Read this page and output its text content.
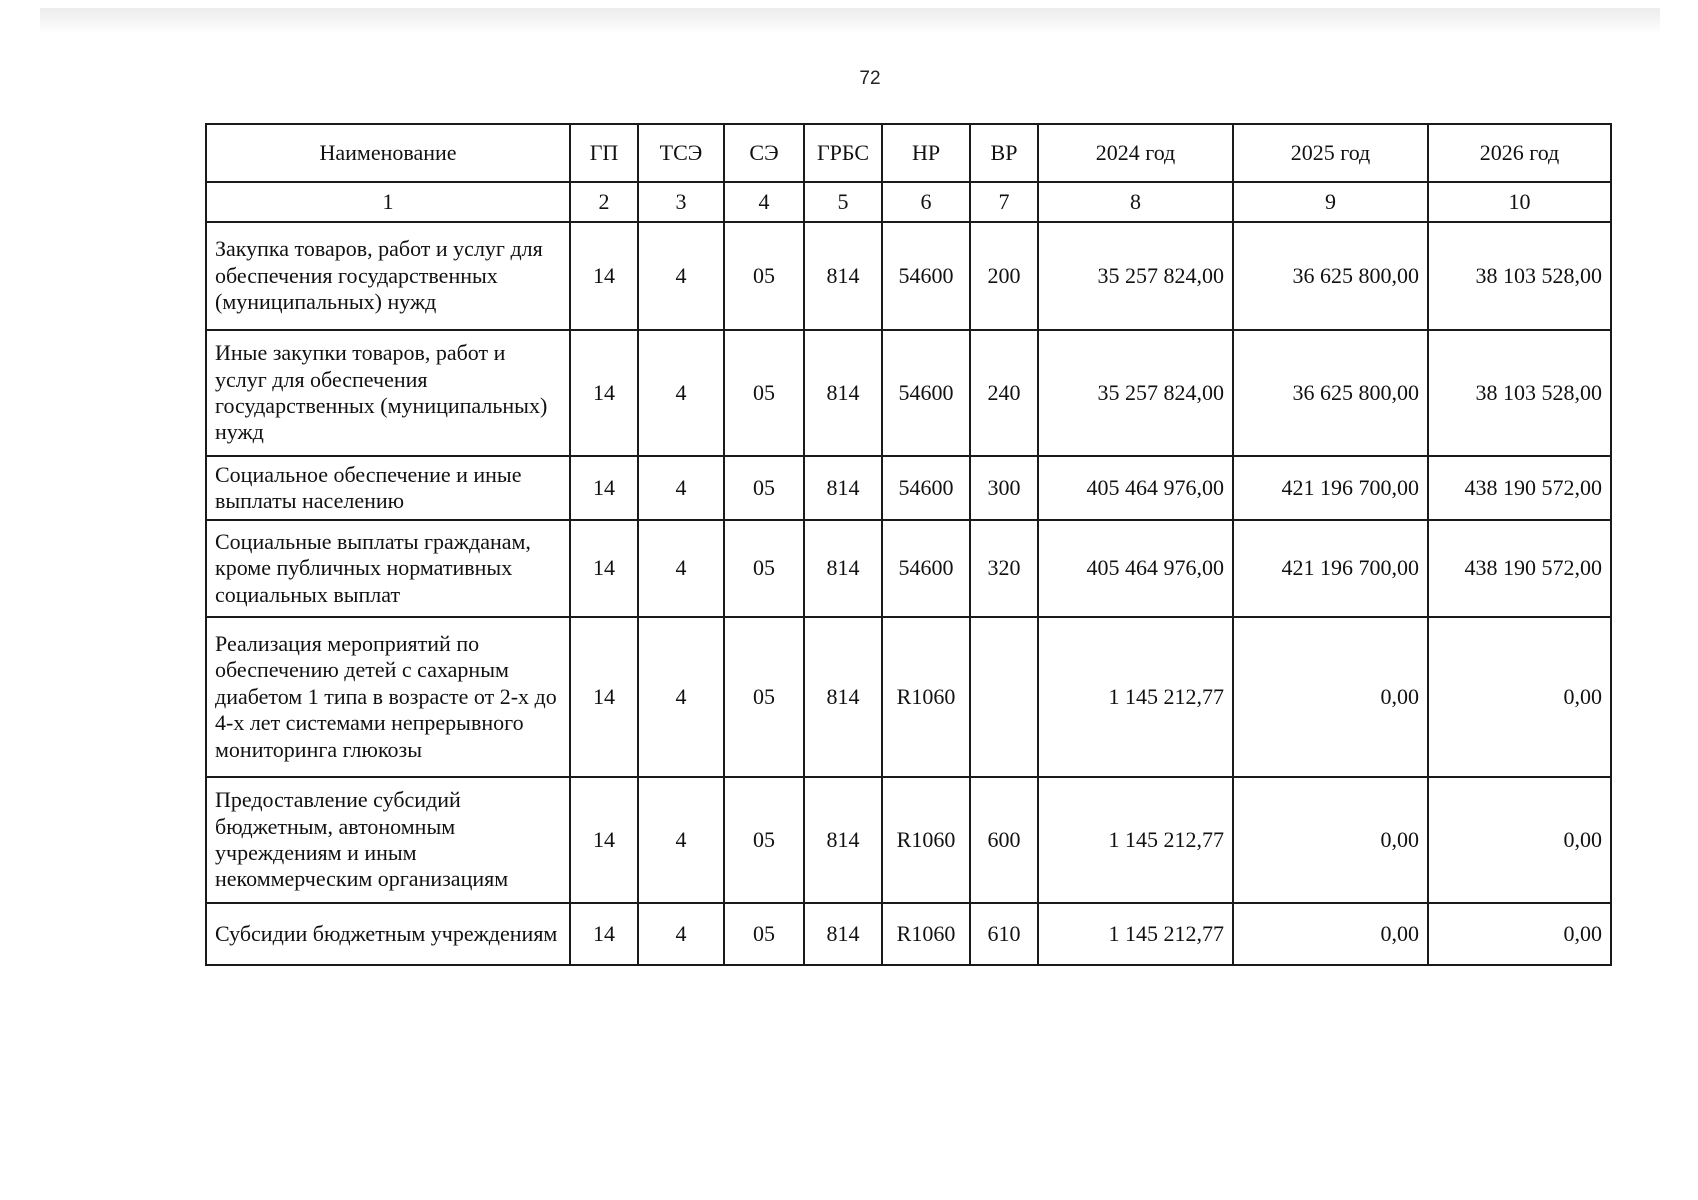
72
Наименование	ГП	ТСЭ	СЭ	ГРБС	НР	ВР	2024 год	2025 год	2026 год
1	2	3	4	5	6	7	8	9	10
Закупка товаров, работ и услуг для обеспечения государственных (муниципальных) нужд	14	4	05	814	54600	200	35 257 824,00	36 625 800,00	38 103 528,00
Иные закупки товаров, работ и услуг для обеспечения государственных (муниципальных) нужд	14	4	05	814	54600	240	35 257 824,00	36 625 800,00	38 103 528,00
Социальное обеспечение и иные выплаты населению	14	4	05	814	54600	300	405 464 976,00	421 196 700,00	438 190 572,00
Социальные выплаты гражданам, кроме публичных нормативных социальных выплат	14	4	05	814	54600	320	405 464 976,00	421 196 700,00	438 190 572,00
Реализация мероприятий по обеспечению детей с сахарным диабетом 1 типа в возрасте от 2-х до 4-х лет системами непрерывного мониторинга глюкозы	14	4	05	814	R1060		1 145 212,77	0,00	0,00
Предоставление субсидий бюджетным, автономным учреждениям и иным некоммерческим организациям	14	4	05	814	R1060	600	1 145 212,77	0,00	0,00
Субсидии бюджетным учреждениям	14	4	05	814	R1060	610	1 145 212,77	0,00	0,00
